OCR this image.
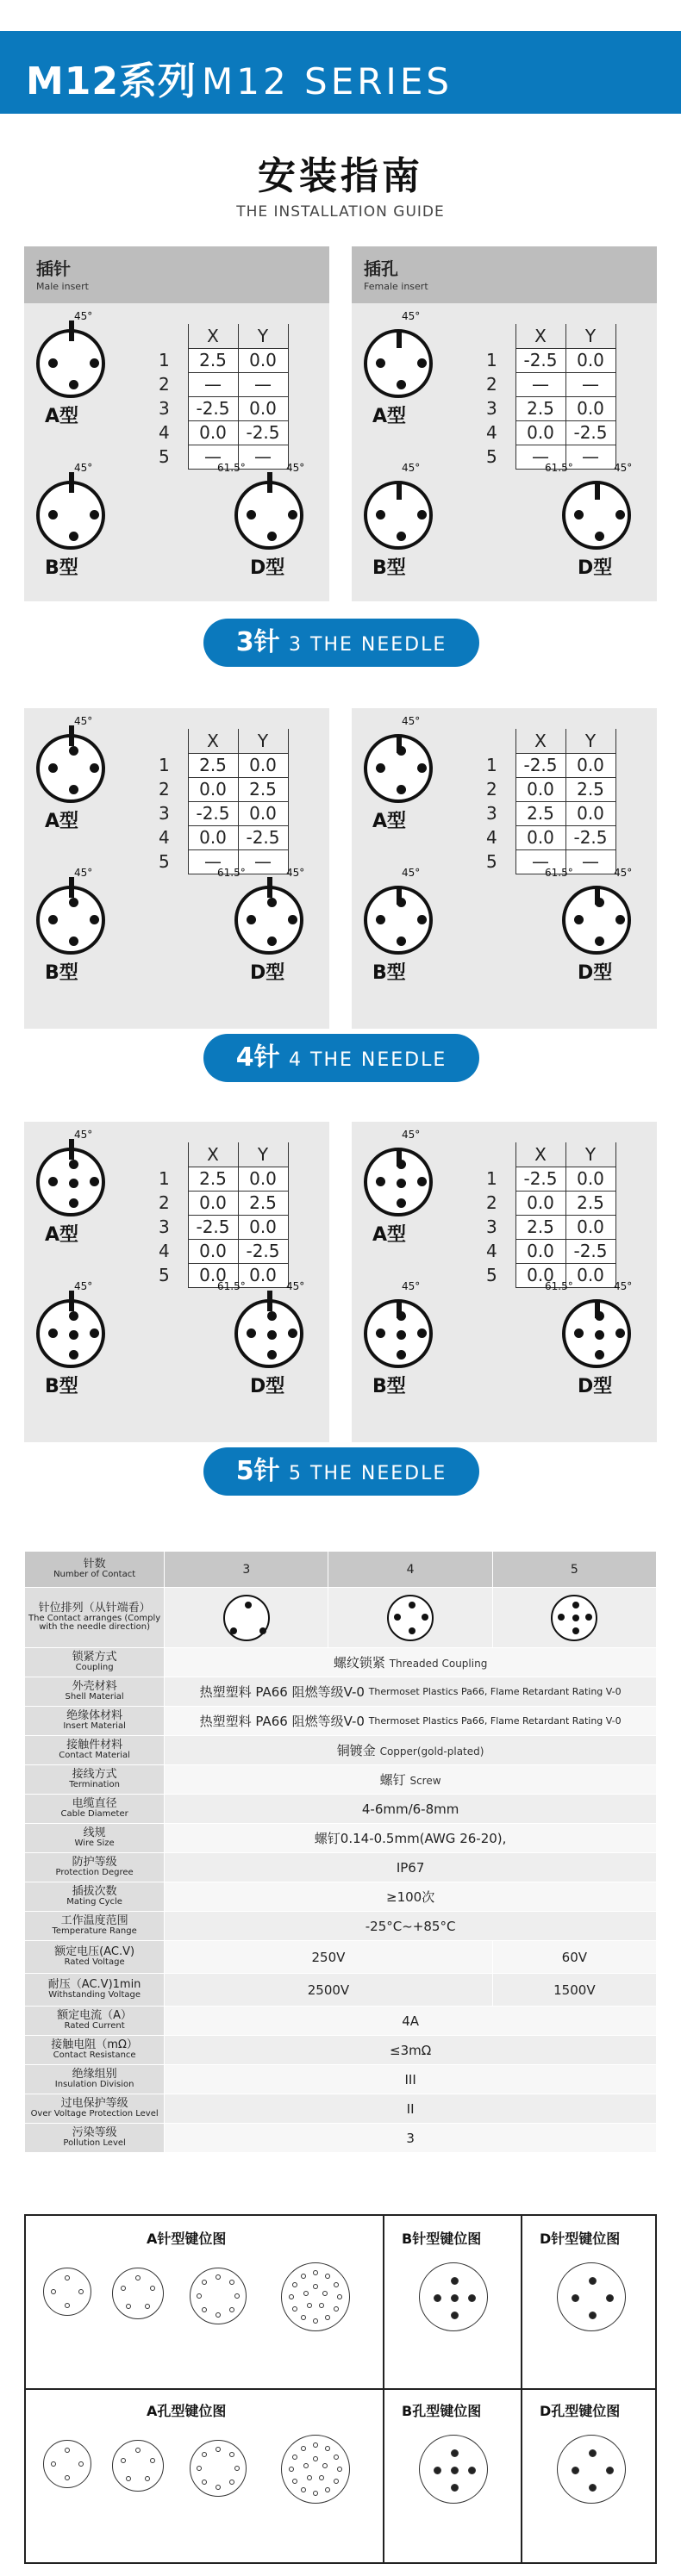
M12系列 M12 SERIES
安装指南
THE INSTALLATION GUIDE
插针
Male insert
45°
A型
	X	Y
1	2.5	0.0
2	—	—
3	-2.5	0.0
4	0.0	-2.5
5	—	—
45°
B型
61.5°	45°
D型
插孔
Female insert
45°
A型
	X	Y
1	-2.5	0.0
2	—	—
3	2.5	0.0
4	0.0	-2.5
5	—	—
45°
B型
61.5°	45°
D型
3针 3 THE NEEDLE
45°
A型
	X	Y
1	2.5	0.0
2	0.0	2.5
3	-2.5	0.0
4	0.0	-2.5
5	—	—
45°
B型
61.5°	45°
D型
45°
A型
	X	Y
1	-2.5	0.0
2	0.0	2.5
3	2.5	0.0
4	0.0	-2.5
5	—	—
45°
B型
61.5°	45°
D型
4针 4 THE NEEDLE
45°
A型
	X	Y
1	2.5	0.0
2	0.0	2.5
3	-2.5	0.0
4	0.0	-2.5
5	0.0	0.0
45°
B型
61.5°	45°
D型
45°
A型
	X	Y
1	-2.5	0.0
2	0.0	2.5
3	2.5	0.0
4	0.0	-2.5
5	0.0	0.0
45°
B型
61.5°	45°
D型
5针 5 THE NEEDLE
针数
Number of Contact	3	4	5

针位排列（从针端看）
The Contact arranges (Comply with the needle direction)			

锁紧方式
Coupling	螺纹锁紧 Threaded Coupling		

外壳材料
Shell Material	热塑塑料 PA66 阻燃等级V-0 Thermoset Plastics Pa66, Flame Retardant Rating V-0		

绝缘体材料
Insert Material	热塑塑料 PA66 阻燃等级V-0 Thermoset Plastics Pa66, Flame Retardant Rating V-0		

接触件材料
Contact Material	铜镀金 Copper(gold-plated)		

接线方式
Termination	螺钉 Screw		

电缆直径
Cable Diameter	4-6mm/6-8mm		

线规
Wire Size	螺钉0.14-0.5mm(AWG 26-20),		

防护等级
Protection Degree	IP67		

插拔次数
Mating Cycle	≥100次		

工作温度范围
Temperature Range	-25°C~+85°C		

额定电压(AC.V)
Rated Voltage	250V		60V

耐压（AC.V)1min
Withstanding Voltage	2500V		1500V

额定电流（A）
Rated Current	4A		

接触电阻（mΩ）
Contact Resistance	≤3mΩ		

绝缘组别
Insulation Division	III		

过电保护等级
Over Voltage Protection Level	II		

污染等级
Pollution Level	3		
A针型键位图	B针型键位图	D针型键位图
A孔型键位图	B孔型键位图	D孔型键位图
